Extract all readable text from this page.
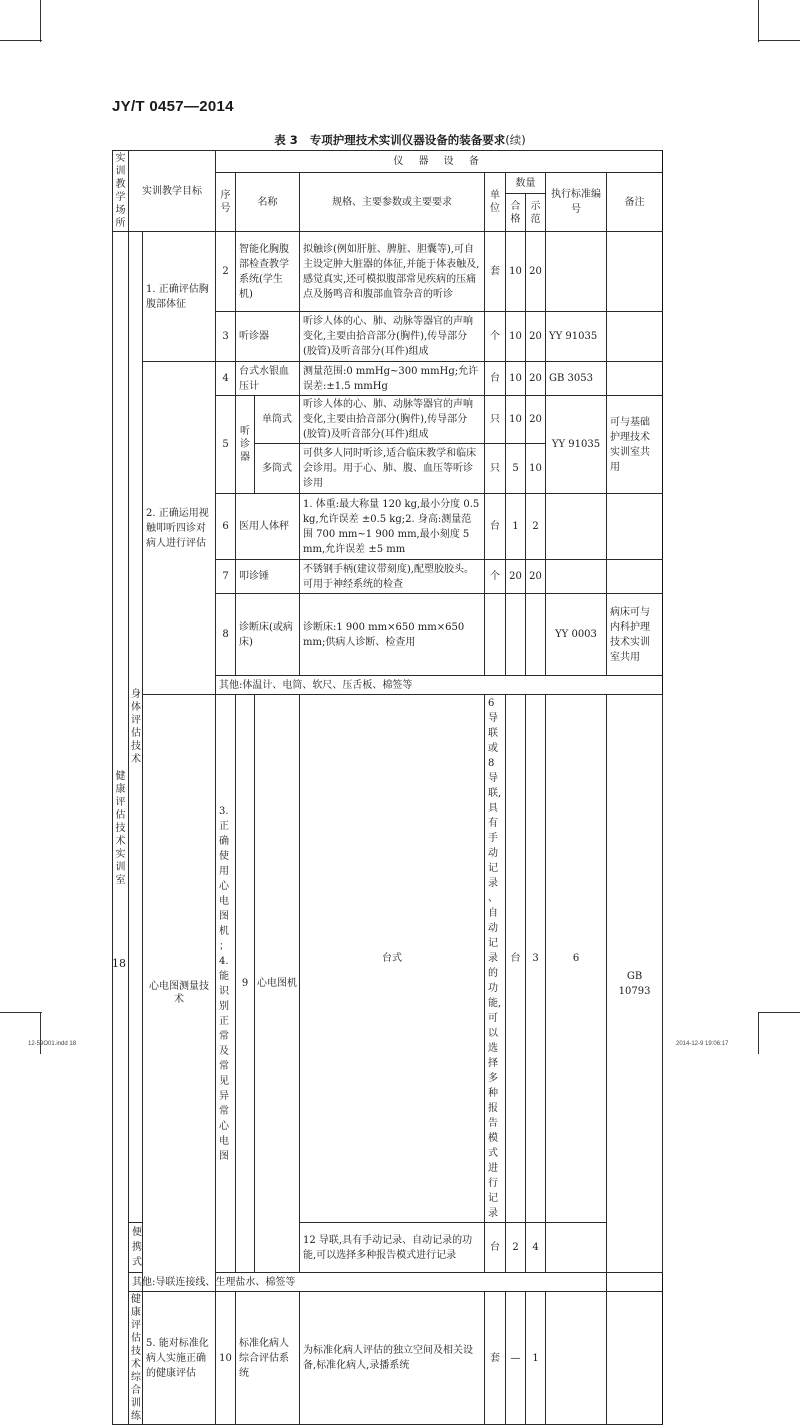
JY/T 0457—2014
表 3 专项护理技术实训仪器设备的装备要求(续)
实训教学场所	实训教学目标		仪 器 设 备									
			序号	名称		规格、主要参数或主要要求	单位	数量		执行标准编号	备注	
								合格	示范			
健康评估技术实训室	身体评估技术	1. 正确评估胸腹部体征	2	智能化胸腹部检查教学系统(学生机)		拟触诊(例如肝脏、脾脏、胆囊等),可自主设定肿大脏器的体征,并能于体表触及,感觉真实,还可模拟腹部常见疾病的压痛点及肠鸣音和腹部血管杂音的听诊	套	10	20			
			3	听诊器		听诊人体的心、肺、动脉等器官的声响变化,主要由拾音部分(胸件),传导部分(胶管)及听音部分(耳件)组成	个	10	20	YY 91035		
		2. 正确运用视触叩听四诊对病人进行评估	4	台式水银血压计		测量范围:0 mmHg~300 mmHg;允许误差:±1.5 mmHg	台	10	20	GB 3053		
			5	听诊器	单筒式	听诊人体的心、肺、动脉等器官的声响变化,主要由拾音部分(胸件),传导部分(胶管)及听音部分(耳件)组成	只	10	20	YY 91035	可与基础护理技术实训室共用	
					多筒式	可供多人同时听诊,适合临床教学和临床会诊用。用于心、肺、腹、血压等听诊诊用	只	5	10			
			6	医用人体秤		1. 体重:最大称量 120 kg,最小分度 0.5 kg,允许误差 ±0.5 kg;2. 身高:测量范围 700 mm~1 900 mm,最小刻度 5 mm,允许误差 ±5 mm	台	1	2			
			7	叩诊锤		不锈钢手柄(建议带刻度),配塑胶胶头。可用于神经系统的检查	个	20	20			
			8	诊断床(或病床)		诊断床:1 900 mm×650 mm×650 mm;供病人诊断、检查用				YY 0003	病床可与内科护理技术实训室共用	
			其他:体温计、电筒、软尺、压舌板、棉签等									
		心电图测量技术	3. 正确使用心电图机；4. 能识别正常及常见异常心电图	9	心电图机	台式	6 导联或 8 导联,具有手动记录、自动记录的功能,可以选择多种报告模式进行记录	台	3	6	GB 10793	
	便携式					12 导联,具有手动记录、自动记录的功能,可以选择多种报告模式进行记录	台	2	4			
	其他:导联连接线、生理盐水、棉签等											
	健康评估技术综合训练	5. 能对标准化病人实施正确的健康评估	10	标准化病人综合评估系统		为标准化病人评估的独立空间及相关设备,标准化病人,录播系统	套	—	1			
18
12-59O01.indd 18	2014-12-9 19:06:17
